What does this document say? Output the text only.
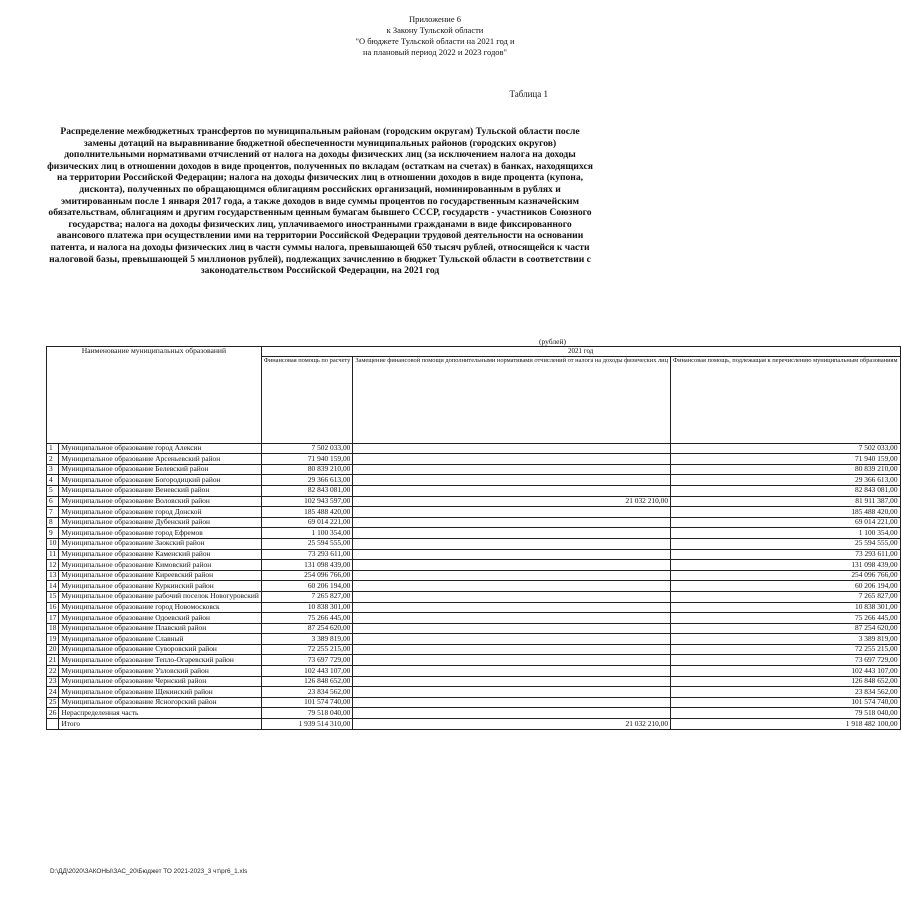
Приложение 6
к Закону Тульской области
"О бюджете Тульской области на 2021 год и
на плановый период 2022 и 2023 годов"
Таблица 1
Распределение межбюджетных трансфертов по муниципальным районам (городским округам) Тульской области после замены дотаций на выравнивание бюджетной обеспеченности муниципальных районов (городских округов) дополнительными нормативами отчислений от налога на доходы физических лиц (за исключением налога на доходы физических лиц в отношении доходов в виде процентов, полученных по вкладам (остаткам на счетах) в банках, находящихся на территории Российской Федерации; налога на доходы физических лиц в отношении доходов в виде процента (купона, дисконта), полученных по обращающимся облигациям российских организаций, номинированным в рублях и эмитированным после 1 января 2017 года, а также доходов в виде суммы процентов по государственным казначейским обязательствам, облигациям и другим государственным ценным бумагам бывшего СССР, государств - участников Союзного государства; налога на доходы физических лиц, уплачиваемого иностранными гражданами в виде фиксированного авансового платежа при осуществлении ими на территории Российской Федерации трудовой деятельности на основании патента, и налога на доходы физических лиц в части суммы налога, превышающей 650 тысяч рублей, относящейся к части налоговой базы, превышающей 5 миллионов рублей), подлежащих зачислению в бюджет Тульской области в соответствии с законодательством Российской Федерации, на 2021 год
(рублей)
Наименование муниципальных образований		2021 год		
		Финансовая помощь по расчету	Замещение финансовой помощи дополнительными нормативами отчислений от налога на доходы физических лиц	Финансовая помощь, подлежащая к перечислению муниципальным образованиям
1	Муниципальное образование город Алексин	7 502 033,00		7 502 033,00
2	Муниципальное образование Арсеньевский район	71 940 159,00		71 940 159,00
3	Муниципальное образование Белевский район	80 839 210,00		80 839 210,00
4	Муниципальное образование Богородицкий район	29 366 613,00		29 366 613,00
5	Муниципальное образование Веневский район	82 843 081,00		82 843 081,00
6	Муниципальное образование Воловский район	102 943 597,00	21 032 210,00	81 911 387,00
7	Муниципальное образование город Донской	185 488 420,00		185 488 420,00
8	Муниципальное образование Дубенский район	69 014 221,00		69 014 221,00
9	Муниципальное образование город Ефремов	1 100 354,00		1 100 354,00
10	Муниципальное образование Заокский район	25 594 555,00		25 594 555,00
11	Муниципальное образование Каменский район	73 293 611,00		73 293 611,00
12	Муниципальное образование Кимовский район	131 098 439,00		131 098 439,00
13	Муниципальное образование Киреевский район	254 096 766,00		254 096 766,00
14	Муниципальное образование Куркинский район	60 206 194,00		60 206 194,00
15	Муниципальное образование рабочий поселок Новогуровский	7 265 827,00		7 265 827,00
16	Муниципальное образование город Новомосковск	10 838 301,00		10 838 301,00
17	Муниципальное образование Одоевский район	75 266 445,00		75 266 445,00
18	Муниципальное образование Плавский район	87 254 620,00		87 254 620,00
19	Муниципальное образование Славный	3 389 819,00		3 389 819,00
20	Муниципальное образование Суворовский район	72 255 215,00		72 255 215,00
21	Муниципальное образование Тепло-Огаревский район	73 697 729,00		73 697 729,00
22	Муниципальное образование Узловский район	102 443 107,00		102 443 107,00
23	Муниципальное образование Чернский район	126 848 652,00		126 848 652,00
24	Муниципальное образование Щекинский район	23 834 562,00		23 834 562,00
25	Муниципальное образование Ясногорский район	101 574 740,00		101 574 740,00
26	Нераспределенная часть	79 518 040,00		79 518 040,00
	Итого	1 939 514 310,00	21 032 210,00	1 918 482 100,00
D:\ДД\2020\ЗАКОНЫ\ЗАС_20\Бюджет ТО 2021-2023_3 чт\рг6_1.xls
